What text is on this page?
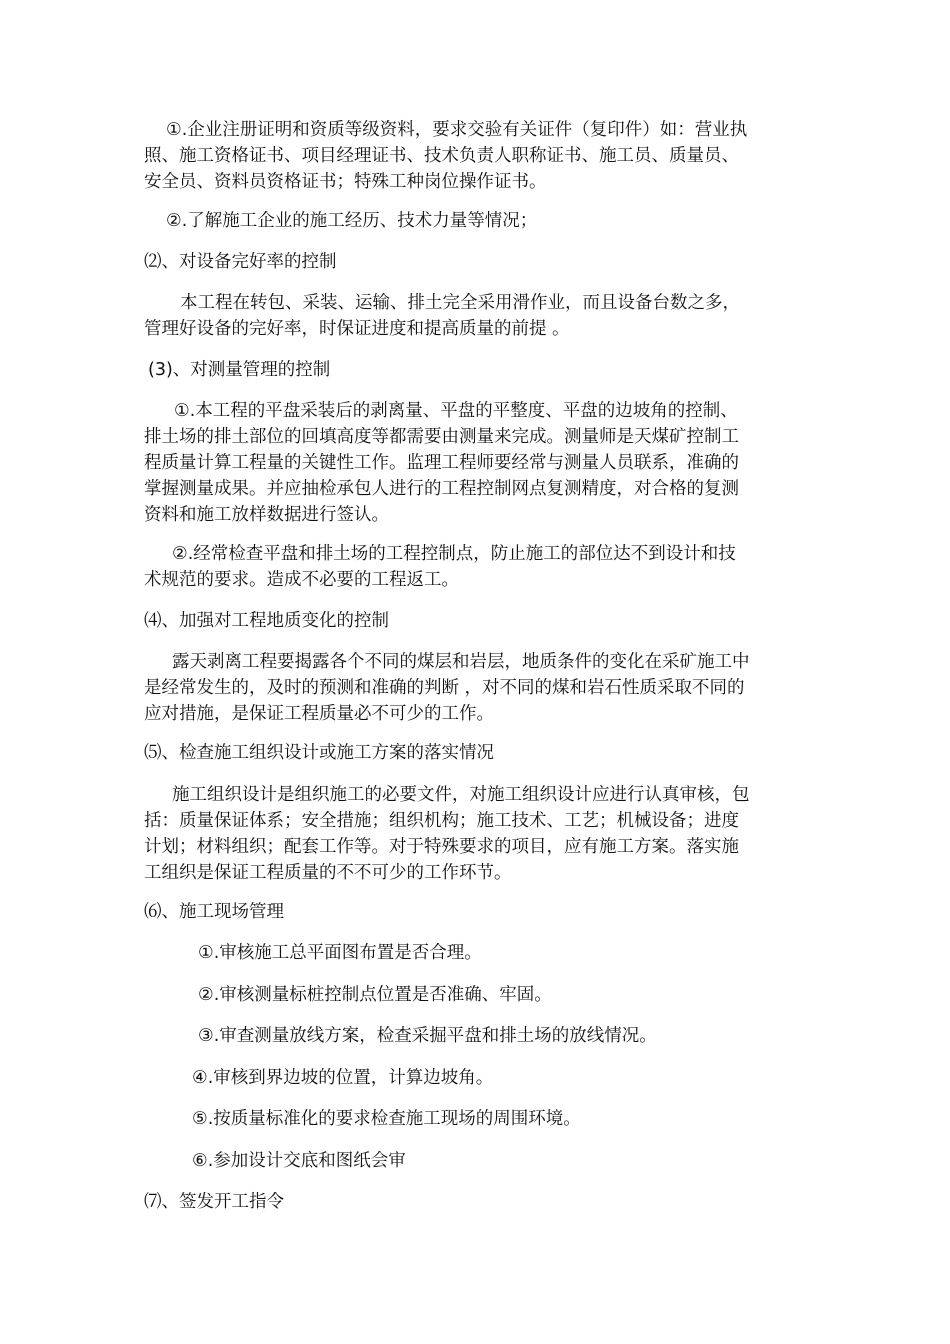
①.企业注册证明和资质等级资料，要求交验有关证件（复印件）如：营业执
照、施工资格证书、项目经理证书、技术负责人职称证书、施工员、质量员、
安全员、资料员资格证书；特殊工种岗位操作证书。

②.了解施工企业的施工经历、技术力量等情况；

⑵、对设备完好率的控制

本工程在转包、采装、运输、排土完全采用滑作业，而且设备台数之多，
管理好设备的完好率，时保证进度和提高质量的前提 。

(3)、对测量管理的控制

①.本工程的平盘采装后的剥离量、平盘的平整度、平盘的边坡角的控制、
排土场的排土部位的回填高度等都需要由测量来完成。测量师是天煤矿控制工
程质量计算工程量的关键性工作。监理工程师要经常与测量人员联系，准确的
掌握测量成果。并应抽检承包人进行的工程控制网点复测精度，对合格的复测
资料和施工放样数据进行签认。

②.经常检查平盘和排土场的工程控制点，防止施工的部位达不到设计和技
术规范的要求。造成不必要的工程返工。

⑷、加强对工程地质变化的控制

露天剥离工程要揭露各个不同的煤层和岩层，地质条件的变化在采矿施工中
是经常发生的，及时的预测和准确的判断 ，对不同的煤和岩石性质采取不同的
应对措施，是保证工程质量必不可少的工作。

⑸、检查施工组织设计或施工方案的落实情况

施工组织设计是组织施工的必要文件，对施工组织设计应进行认真审核，包
括：质量保证体系；安全措施；组织机构；施工技术、工艺；机械设备；进度
计划；材料组织；配套工作等。对于特殊要求的项目，应有施工方案。落实施
工组织是保证工程质量的不不可少的工作环节。

⑹、施工现场管理

①.审核施工总平面图布置是否合理。

②.审核测量标桩控制点位置是否准确、牢固。

③.审查测量放线方案，检查采掘平盘和排土场的放线情况。

④.审核到界边坡的位置，计算边坡角。

⑤.按质量标准化的要求检查施工现场的周围环境。

⑥.参加设计交底和图纸会审

⑺、签发开工指令
